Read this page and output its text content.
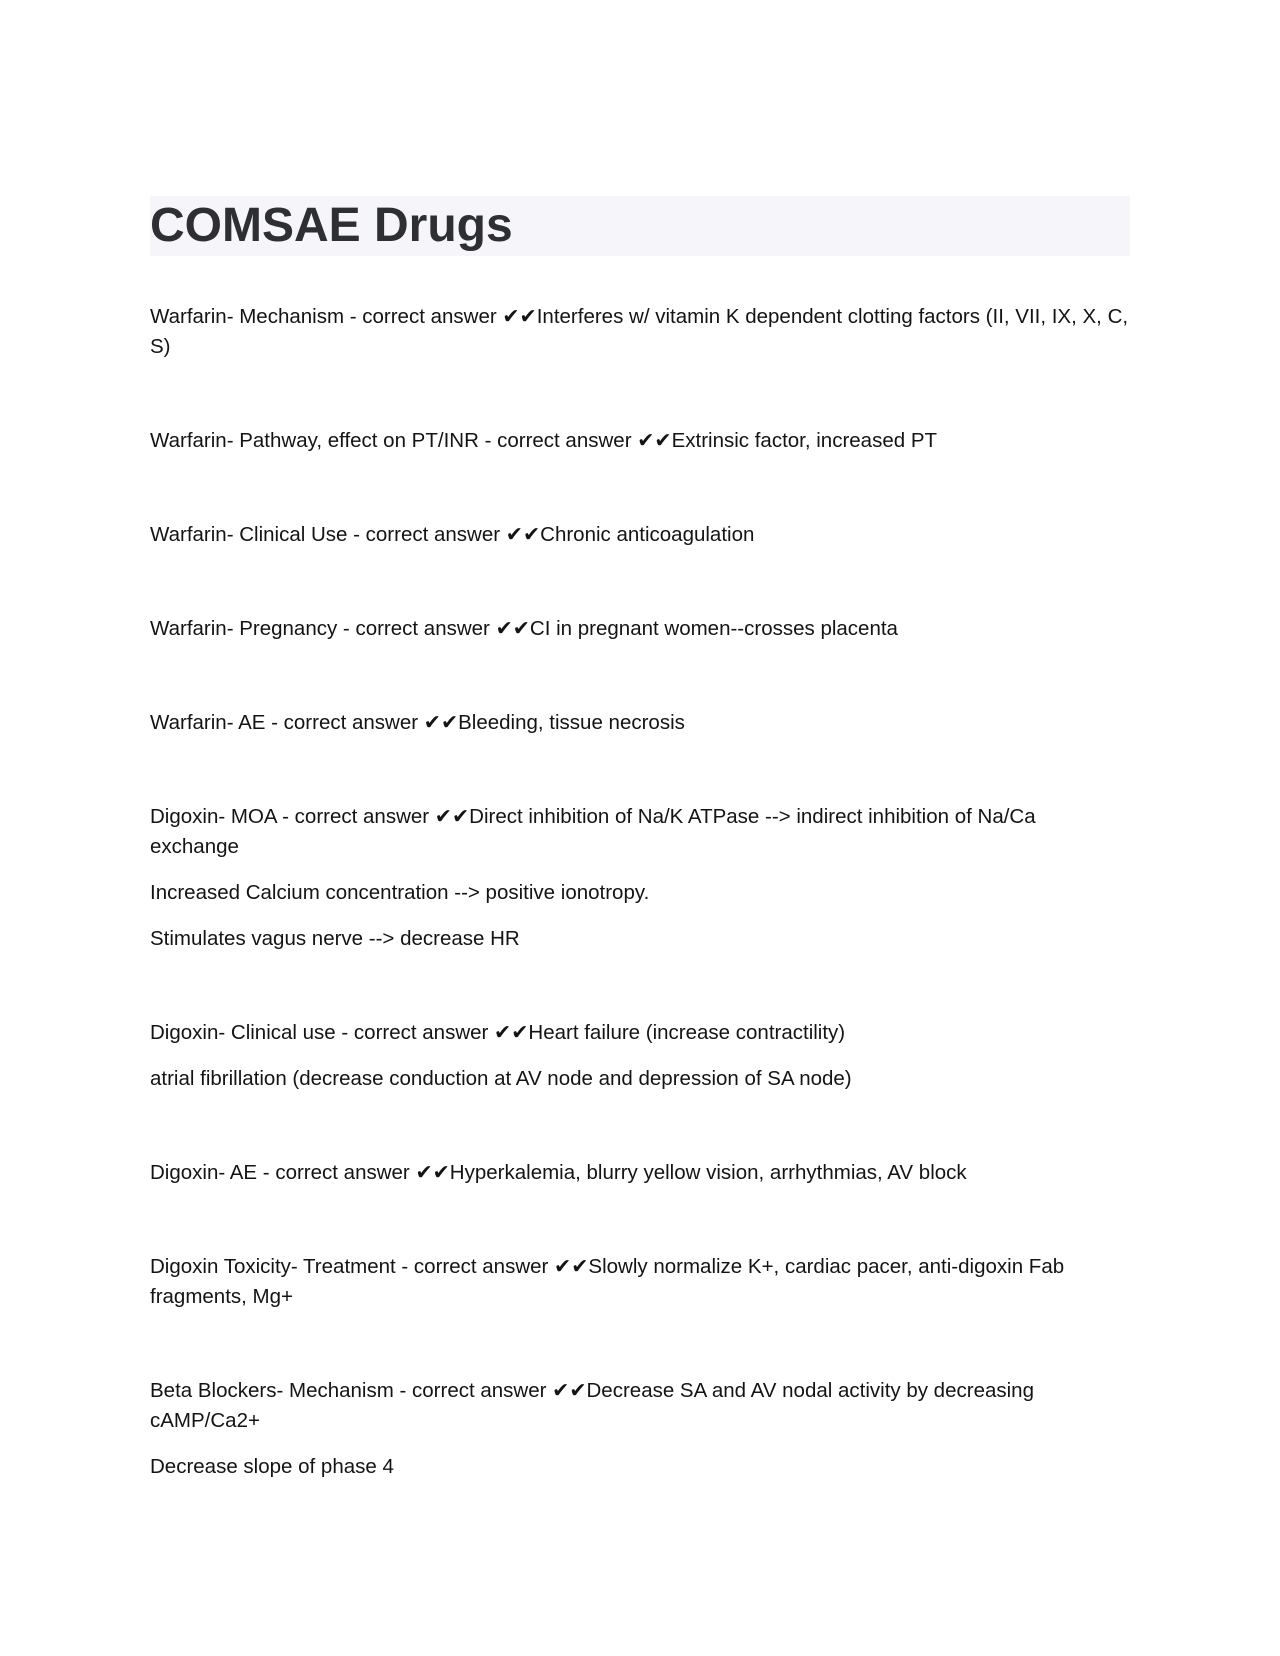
COMSAE Drugs

Warfarin- Mechanism - correct answer ✔✔Interferes w/ vitamin K dependent clotting factors (II, VII, IX, X, C, S)

Warfarin- Pathway, effect on PT/INR - correct answer ✔✔Extrinsic factor, increased PT

Warfarin- Clinical Use - correct answer ✔✔Chronic anticoagulation

Warfarin- Pregnancy - correct answer ✔✔CI in pregnant women--crosses placenta

Warfarin- AE - correct answer ✔✔Bleeding, tissue necrosis

Digoxin- MOA - correct answer ✔✔Direct inhibition of Na/K ATPase --> indirect inhibition of Na/Ca exchange

Increased Calcium concentration --> positive ionotropy.

Stimulates vagus nerve --> decrease HR

Digoxin- Clinical use - correct answer ✔✔Heart failure (increase contractility)

atrial fibrillation (decrease conduction at AV node and depression of SA node)

Digoxin- AE - correct answer ✔✔Hyperkalemia, blurry yellow vision, arrhythmias, AV block

Digoxin Toxicity- Treatment - correct answer ✔✔Slowly normalize K+, cardiac pacer, anti-digoxin Fab fragments, Mg+

Beta Blockers- Mechanism - correct answer ✔✔Decrease SA and AV nodal activity by decreasing cAMP/Ca2+

Decrease slope of phase 4
